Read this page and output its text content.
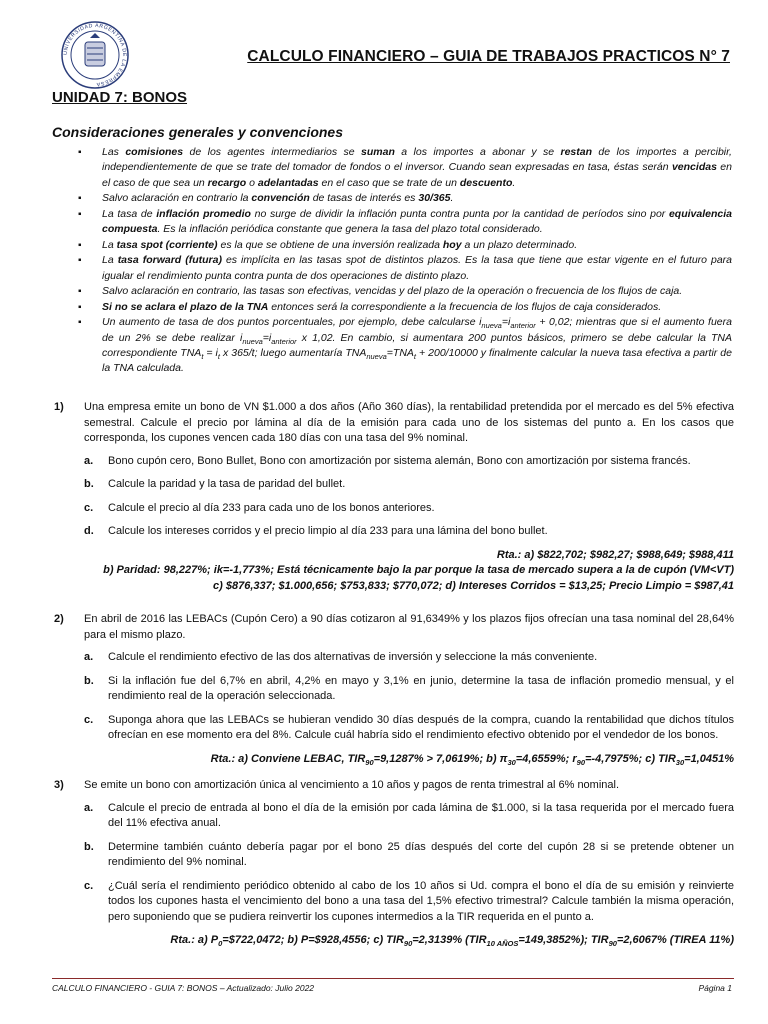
UNIVERSIDAD ARGENTINA DE LA EMPRESA
CALCULO FINANCIERO – GUIA DE TRABAJOS PRACTICOS N° 7
UNIDAD 7: BONOS
Consideraciones generales y convenciones
▪ Las comisiones de los agentes intermediarios se suman a los importes a abonar y se restan de los importes a percibir, independientemente de que se trate del tomador de fondos o el inversor. Cuando sean expresadas en tasa, éstas serán vencidas en el caso de que sea un recargo o adelantadas en el caso que se trate de un descuento.
▪ Salvo aclaración en contrario la convención de tasas de interés es 30/365.
▪ La tasa de inflación promedio no surge de dividir la inflación punta contra punta por la cantidad de períodos sino por equivalencia compuesta. Es la inflación periódica constante que genera la tasa del plazo total considerado.
▪ La tasa spot (corriente) es la que se obtiene de una inversión realizada hoy a un plazo determinado.
▪ La tasa forward (futura) es implícita en las tasas spot de distintos plazos. Es la tasa que tiene que estar vigente en el futuro para igualar el rendimiento punta contra punta de dos operaciones de distinto plazo.
▪ Salvo aclaración en contrario, las tasas son efectivas, vencidas y del plazo de la operación o frecuencia de los flujos de caja.
▪ Si no se aclara el plazo de la TNA entonces será la correspondiente a la frecuencia de los flujos de caja considerados.
▪ Un aumento de tasa de dos puntos porcentuales, por ejemplo, debe calcularse $i_{nueva}=i_{anterior} + 0,02$; mientras que si el aumento fuera de un 2% se debe realizar $i_{nueva}=i_{anterior}$ x 1,02. En cambio, si aumentara 200 puntos básicos, primero se debe calcular la TNA correspondiente $TNA_t = i_t$ x 365/t; luego aumentaría $TNA_{nueva}=TNA_t + 200/10000$ y finalmente calcular la nueva tasa efectiva a partir de la TNA calculada.
1) Una empresa emite un bono de VN $1.000 a dos años (Año 360 días), la rentabilidad pretendida por el mercado es del 5% efectiva semestral. Calcule el precio por lámina al día de la emisión para cada uno de los sistemas del punto a. En los casos que corresponda, los cupones vencen cada 180 días con una tasa del 9% nominal.
a. Bono cupón cero, Bono Bullet, Bono con amortización por sistema alemán, Bono con amortización por sistema francés.
b. Calcule la paridad y la tasa de paridad del bullet.
c. Calcule el precio al día 233 para cada uno de los bonos anteriores.
d. Calcule los intereses corridos y el precio limpio al día 233 para una lámina del bono bullet.
Rta.: a) $822,702; $982,27; $988,649; $988,411
b) Paridad: 98,227%; ik=-1,773%; Está técnicamente bajo la par porque la tasa de mercado supera a la de cupón (VM<VT)
c) $876,337; $1.000,656; $753,833; $770,072; d) Intereses Corridos = $13,25; Precio Limpio = $987,41
2) En abril de 2016 las LEBACs (Cupón Cero) a 90 días cotizaron al 91,6349% y los plazos fijos ofrecían una tasa nominal del 28,64% para el mismo plazo.
a. Calcule el rendimiento efectivo de las dos alternativas de inversión y seleccione la más conveniente.
b. Si la inflación fue del 6,7% en abril, 4,2% en mayo y 3,1% en junio, determine la tasa de inflación promedio mensual, y el rendimiento real de la operación seleccionada.
c. Suponga ahora que las LEBACs se hubieran vendido 30 días después de la compra, cuando la rentabilidad que dichos títulos ofrecían en ese momento era del 8%. Calcule cuál habría sido el rendimiento efectivo obtenido por el vendedor de los bonos.
Rta.: a) Conviene LEBAC, $TIR_{90}=9,1287\% > 7,0619\%$; b) $\pi_{30}=4,6559\%$; $r_{90}=-4,7975\%$; c) $TIR_{30}=1,0451\%$
3) Se emite un bono con amortización única al vencimiento a 10 años y pagos de renta trimestral al 6% nominal.
a. Calcule el precio de entrada al bono el día de la emisión por cada lámina de $1.000, si la tasa requerida por el mercado fuera del 11% efectiva anual.
b. Determine también cuánto debería pagar por el bono 25 días después del corte del cupón 28 si se pretende obtener un rendimiento del 9% nominal.
c. ¿Cuál sería el rendimiento periódico obtenido al cabo de los 10 años si Ud. compra el bono el día de su emisión y reinvierte todos los cupones hasta el vencimiento del bono a una tasa del 1,5% efectivo trimestral? Calcule también la misma operación, pero suponiendo que se pudiera reinvertir los cupones intermedios a la TIR requerida en el punto a.
Rta.: a) $P_0=\$722,0472$; b) P=$928,4556; c) $TIR_{90}=2,3139\%$ $(TIR_{10 AÑOS}=149,3852\%)$; $TIR_{90}=2,6067\%$ (TIREA 11%)
CALCULO FINANCIERO - GUIA 7: BONOS – Actualizado: Julio 2022	Página 1
